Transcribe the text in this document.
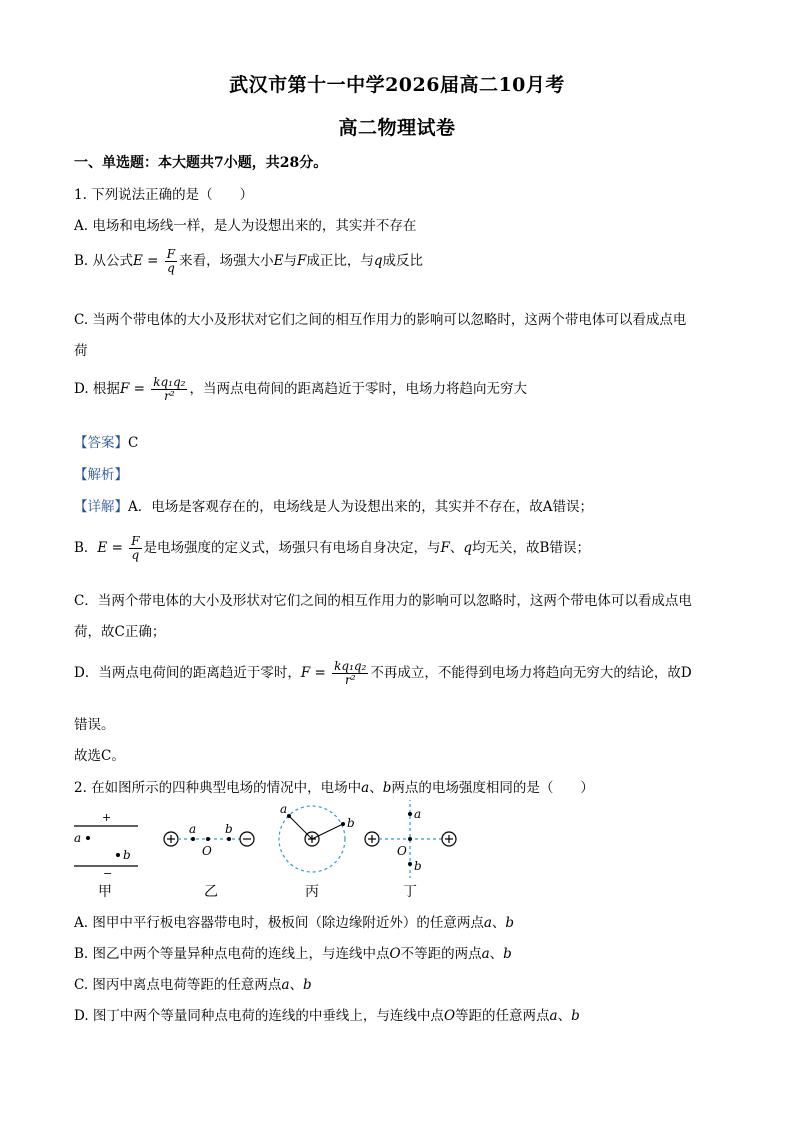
武汉市第十一中学2026届高二10月考
高二物理试卷
一、单选题：本大题共7小题，共28分。
1. 下列说法正确的是（　　）
A. 电场和电场线一样，是人为设想出来的，其实并不存在
B. 从公式$E = \frac{F}{q}$ 来看，场强大小E与F成正比，与q成反比
C. 当两个带电体的大小及形状对它们之间的相互作用力的影响可以忽略时，这两个带电体可以看成点电
荷
D. 根据$F = \frac{\text{kq₁q₂}}{\text{r²}}$ ，当两点电荷间的距离趋近于零时，电场力将趋向无穷大
【答案】C
【解析】
【详解】A．电场是客观存在的，电场线是人为设想出来的，其实并不存在，故A错误；
B．$E = \frac{F}{q}$ 是电场强度的定义式，场强只有电场自身决定，与F、q均无关，故B错误；
C．当两个带电体的大小及形状对它们之间的相互作用力的影响可以忽略时，这两个带电体可以看成点电
荷，故C正确；
D．当两点电荷间的距离趋近于零时，$F = \frac{\text{kq₁q₂}}{\text{r²}}$ 不再成立，不能得到电场力将趋向无穷大的结论，故D
错误。
故选C。
2. 在如图所示的四种典型电场的情况中，电场中a、b两点的电场强度相同的是（　　）
+
−
a
b
甲
a
O
b
乙
a
b
丙
a
O
b
丁
A. 图甲中平行板电容器带电时，极板间（除边缘附近外）的任意两点a、b
B. 图乙中两个等量异种点电荷的连线上，与连线中点O不等距的两点a、b
C. 图丙中离点电荷等距的任意两点a、b
D. 图丁中两个等量同种点电荷的连线的中垂线上，与连线中点O等距的任意两点a、b
